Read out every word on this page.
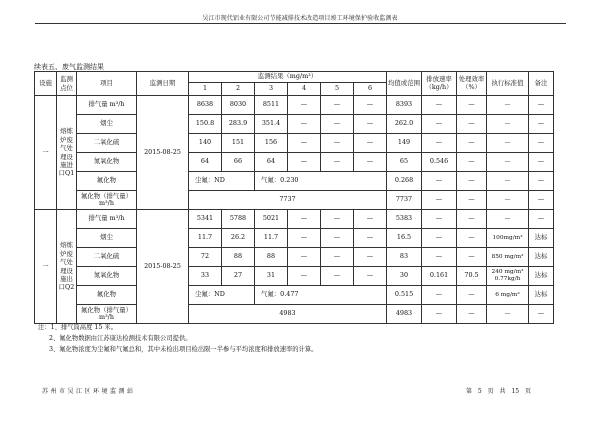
吴江市现代铝业有限公司节能减排技术改造项目竣工环境保护验收监测表
续表五、废气监测结果
设施	监测点位	项目	监测日期	监测结果（mg/m³）						均值或范围	排放速率（kg/h）	处理效率（%）	执行标准值	备注
				1	2	3	4	5	6					
一	熔炼炉废气处理设施进口Q1	排气量 m³/h	2015-08-25	8638	8030	8511	—	—	—	8393	—	—	—	—
		烟尘		150.8	283.9	351.4	—	—	—	262.0	—	—	—	—
		二氧化硫		140	151	156	—	—	—	149	—	—	—	—
		氮氧化物		64	66	64	—	—	—	65	0.546	—	—	—
		氟化物		尘氟：ND		气氟：0.230				0.268	—	—	—	—
		氟化物（排气量）m³/h		7737						7737	—	—	—	—
一	熔炼炉废气处理设施出口Q2	排气量 m³/h	2015-08-25	5341	5788	5021	—	—	—	5383	—	—	—	—
		烟尘		11.7	26.2	11.7	—	—	—	16.5	—	—	100mg/m³	达标
		二氧化硫		72	88	88	—	—	—	83	—	—	850 mg/m³	达标
		氮氧化物		33	27	31	—	—	—	30	0.161	70.5	240 mg/m³ 0.77kg/h	达标
		氟化物		尘氟：ND		气氟：0.477				0.515	—	—	6 mg/m³	达标
		氟化物（排气量）m³/h		4983						4983	—	—	—	—
注：1、排气筒高度 15 米。
2、氟化物数据由江苏康达检测技术有限公司提供。
3、氟化物浓度为尘氟和气氟总和，其中未检出项目检出限一半参与平均浓度和排放速率的计算。
苏州市吴江区环境监测站	第 5 页 共 15 页
